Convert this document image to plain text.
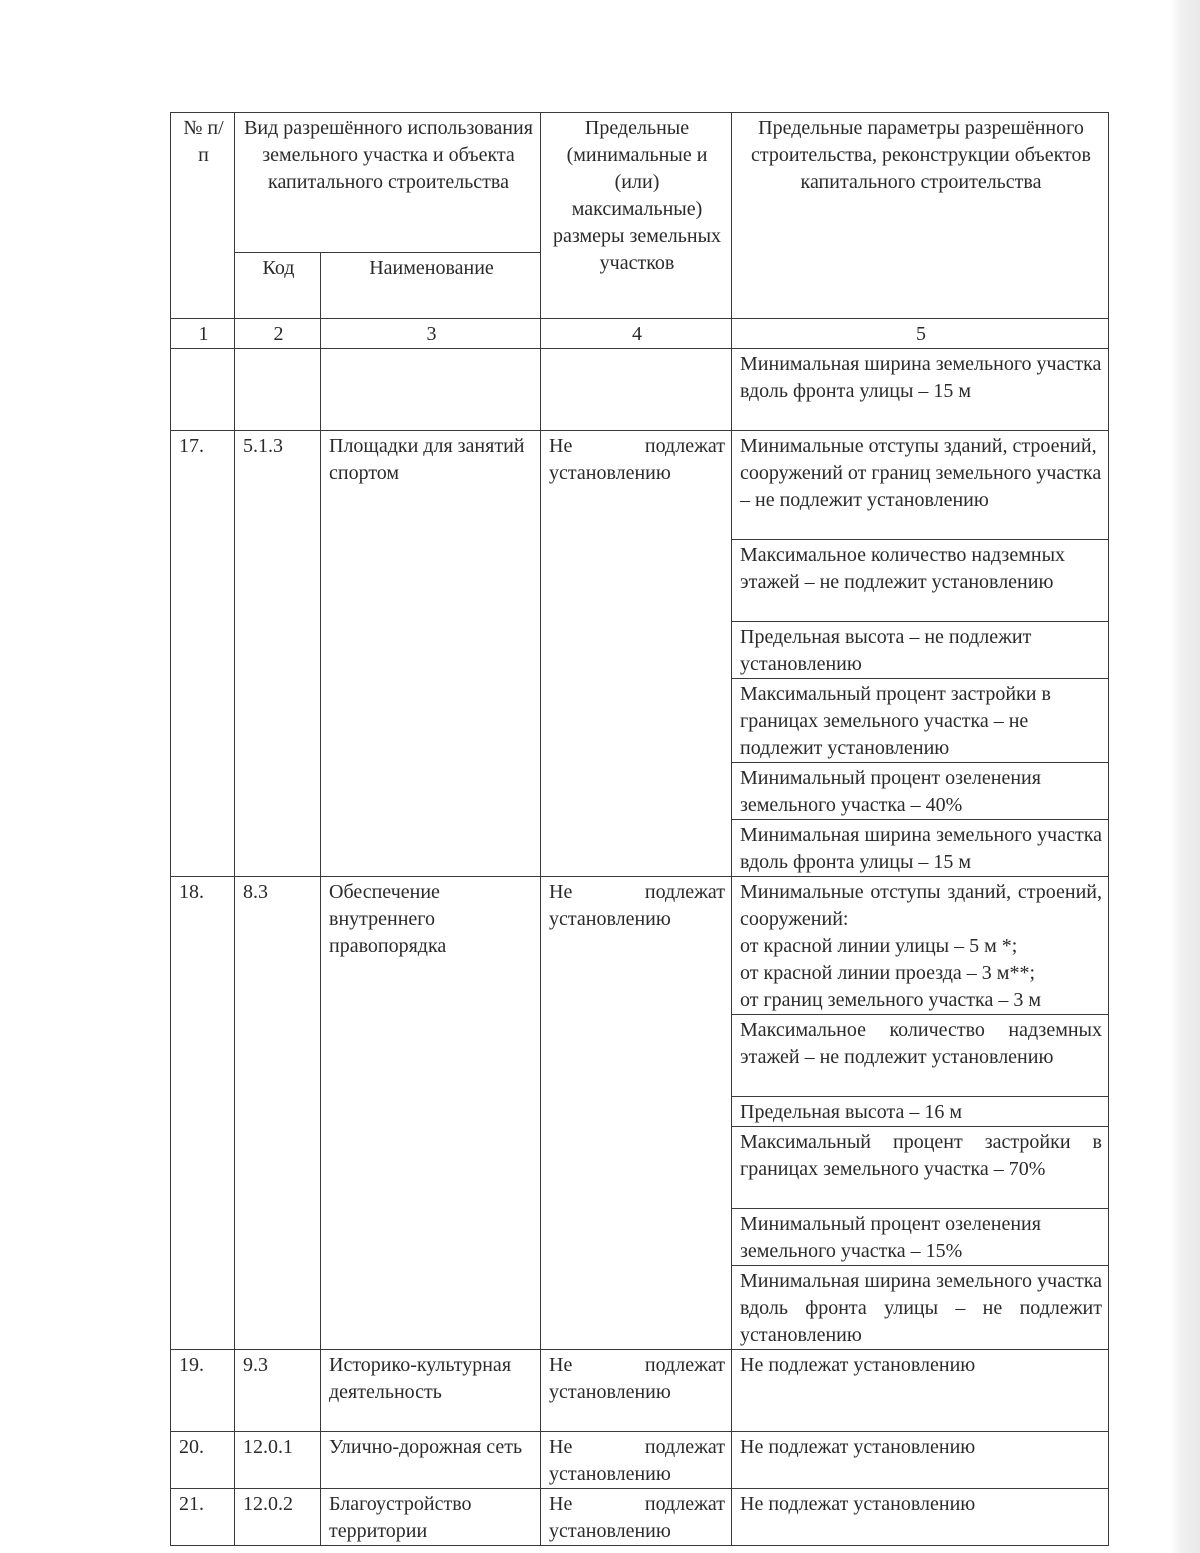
№ п/п	Вид разрешённого использования земельного участка и объекта капитального строительства		Предельные (минимальные и (или) максимальные) размеры земельных участков	Предельные параметры разрешённого строительства, реконструкции объектов капитального строительства
	Код	Наименование		
1	2	3	4	5
				Минимальная ширина земельного участка вдоль фронта улицы – 15 м
17.	5.1.3	Площадки для занятий спортом	Не подлежат установлению	Минимальные отступы зданий, строений, сооружений от границ земельного участка – не подлежит установлению
				Максимальное количество надземных этажей – не подлежит установлению
				Предельная высота – не подлежит установлению
				Максимальный процент застройки в границах земельного участка – не подлежит установлению
				Минимальный процент озеленения земельного участка – 40%
				Минимальная ширина земельного участка вдоль фронта улицы – 15 м
18.	8.3	Обеспечение внутреннего правопорядка	Не подлежат установлению	Минимальные отступы зданий, строений, сооружений:
от красной линии улицы – 5 м *;
от красной линии проезда – 3 м**;
от границ земельного участка – 3 м

				Максимальное количество надземных этажей – не подлежит установлению
				Предельная высота – 16 м
				Максимальный процент застройки в границах земельного участка – 70%
				Минимальный процент озеленения земельного участка – 15%
				Минимальная ширина земельного участка вдоль фронта улицы – не подлежит установлению
19.	9.3	Историко-культурная деятельность	Не подлежат установлению	Не подлежат установлению
20.	12.0.1	Улично-дорожная сеть	Не подлежат установлению	Не подлежат установлению
21.	12.0.2	Благоустройство территории	Не подлежат установлению	Не подлежат установлению
